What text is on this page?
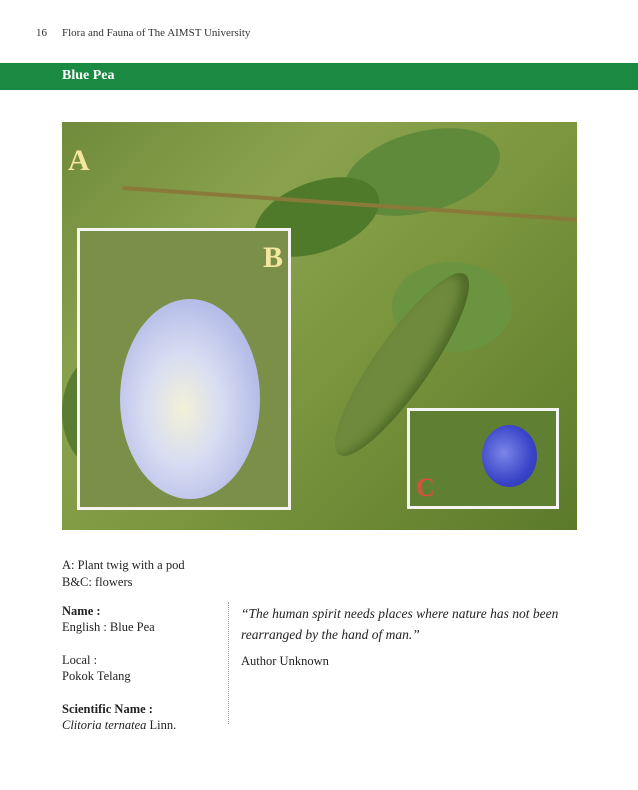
16 Flora and Fauna of The AIMST University
Blue Pea
A
B
C
A: Plant twig with a pod
B&C: flowers
Name :
English : Blue Pea
Local :
Pokok Telang
Scientific Name :
Clitoria ternatea Linn.
“The human spirit needs places where nature has not been rearranged by the hand of man.”
Author Unknown
